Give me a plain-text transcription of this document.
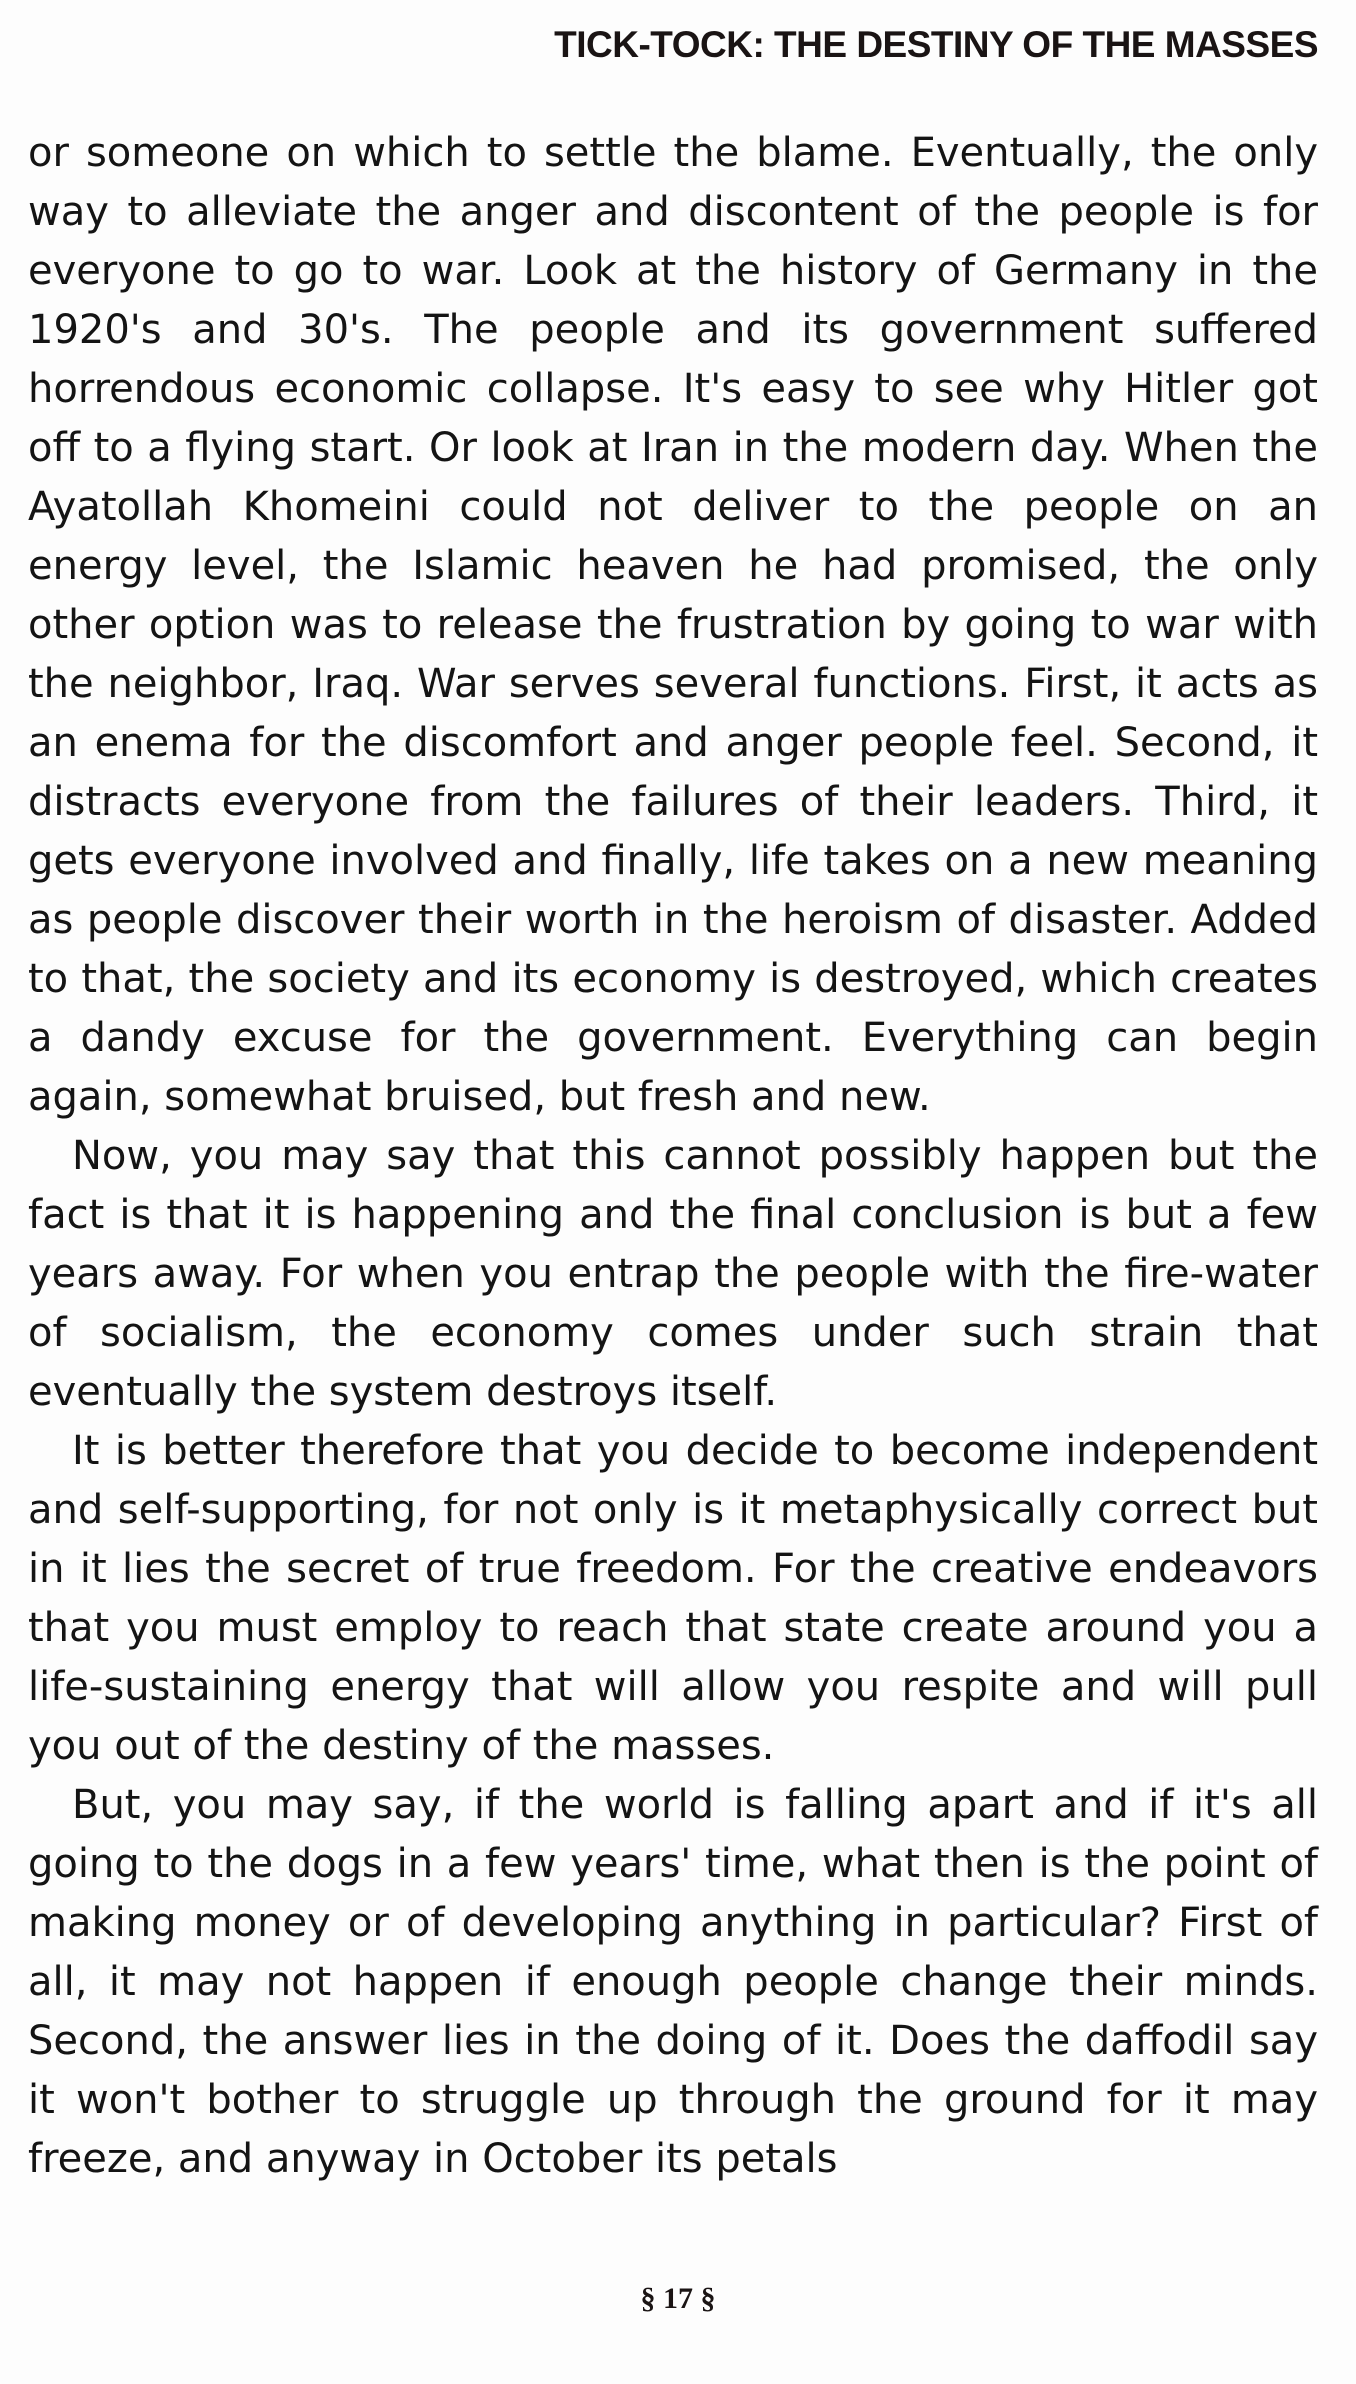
TICK-TOCK: THE DESTINY OF THE MASSES

or someone on which to settle the blame. Eventually, the only way to alleviate the anger and discontent of the people is for everyone to go to war. Look at the history of Germany in the 1920's and 30's. The people and its government suffered horrendous economic collapse. It's easy to see why Hitler got off to a flying start. Or look at Iran in the modern day. When the Ayatollah Khomeini could not deliver to the people on an energy level, the Islamic heaven he had promised, the only other option was to release the frustration by going to war with the neighbor, Iraq. War serves several functions. First, it acts as an enema for the discomfort and anger people feel. Second, it distracts everyone from the failures of their leaders. Third, it gets everyone involved and finally, life takes on a new meaning as people discover their worth in the heroism of disaster. Added to that, the society and its economy is destroyed, which creates a dandy excuse for the government. Everything can begin again, somewhat bruised, but fresh and new.

Now, you may say that this cannot possibly happen but the fact is that it is happening and the final conclusion is but a few years away. For when you entrap the people with the fire-water of socialism, the economy comes under such strain that eventually the system destroys itself.

It is better therefore that you decide to become independent and self-supporting, for not only is it metaphysically correct but in it lies the secret of true freedom. For the creative endeavors that you must employ to reach that state create around you a life-sustaining energy that will allow you respite and will pull you out of the destiny of the masses.

But, you may say, if the world is falling apart and if it's all going to the dogs in a few years' time, what then is the point of making money or of developing anything in particular? First of all, it may not happen if enough people change their minds. Second, the answer lies in the doing of it. Does the daffodil say it won't bother to struggle up through the ground for it may freeze, and anyway in October its petals

§ 17 §
